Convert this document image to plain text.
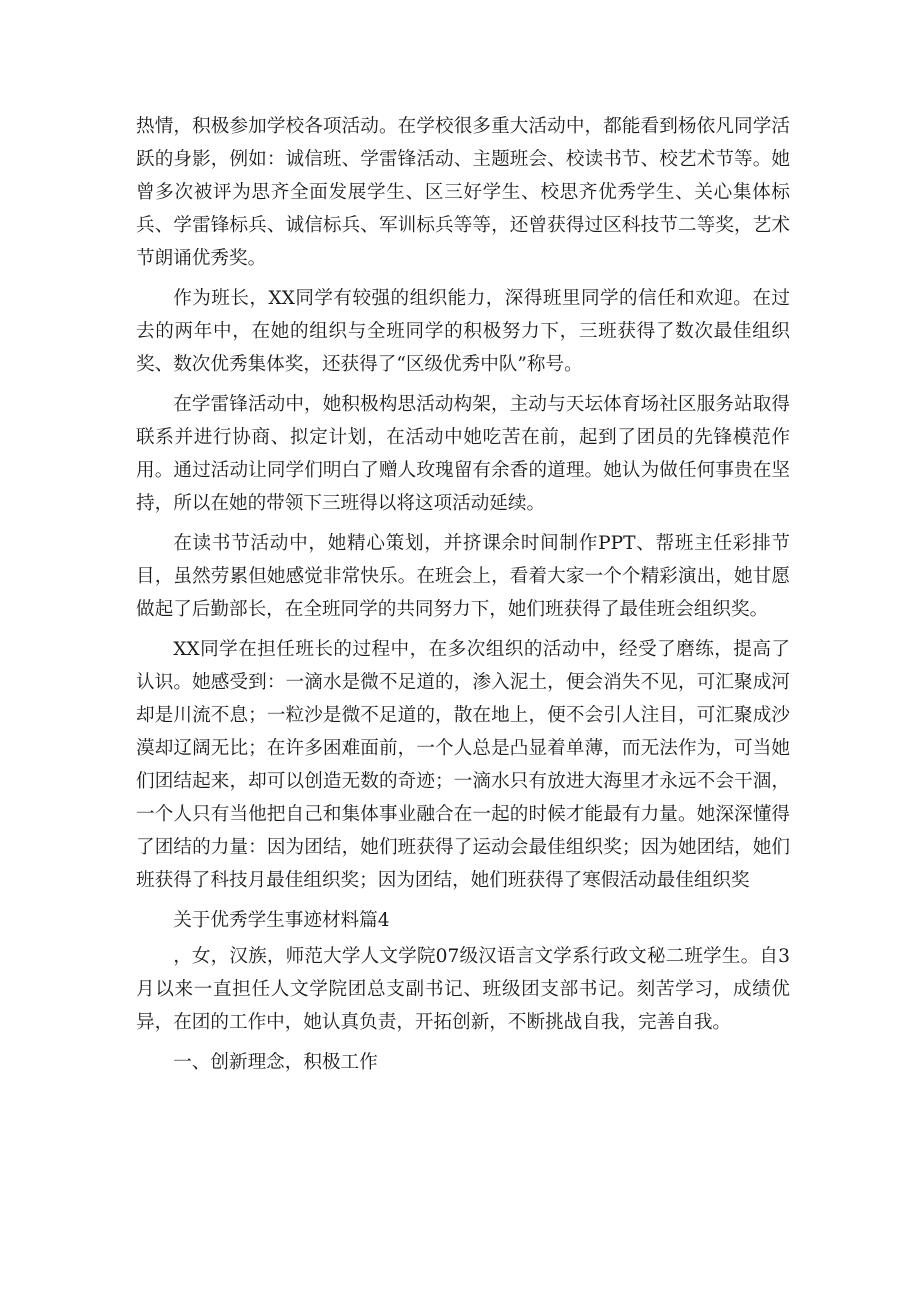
热情，积极参加学校各项活动。在学校很多重大活动中，都能看到杨依凡同学活跃的身影，例如：诚信班、学雷锋活动、主题班会、校读书节、校艺术节等。她曾多次被评为思齐全面发展学生、区三好学生、校思齐优秀学生、关心集体标兵、学雷锋标兵、诚信标兵、军训标兵等等，还曾获得过区科技节二等奖，艺术节朗诵优秀奖。

作为班长，XX同学有较强的组织能力，深得班里同学的信任和欢迎。在过去的两年中，在她的组织与全班同学的积极努力下，三班获得了数次最佳组织奖、数次优秀集体奖，还获得了“区级优秀中队”称号。

在学雷锋活动中，她积极构思活动构架，主动与天坛体育场社区服务站取得联系并进行协商、拟定计划，在活动中她吃苦在前，起到了团员的先锋模范作用。通过活动让同学们明白了赠人玫瑰留有余香的道理。她认为做任何事贵在坚持，所以在她的带领下三班得以将这项活动延续。

在读书节活动中，她精心策划，并挤课余时间制作PPT、帮班主任彩排节目，虽然劳累但她感觉非常快乐。在班会上，看着大家一个个精彩演出，她甘愿做起了后勤部长，在全班同学的共同努力下，她们班获得了最佳班会组织奖。

XX同学在担任班长的过程中，在多次组织的活动中，经受了磨练，提高了认识。她感受到：一滴水是微不足道的，渗入泥土，便会消失不见，可汇聚成河却是川流不息；一粒沙是微不足道的，散在地上，便不会引人注目，可汇聚成沙漠却辽阔无比；在许多困难面前，一个人总是凸显着单薄，而无法作为，可当她们团结起来，却可以创造无数的奇迹；一滴水只有放进大海里才永远不会干涸，一个人只有当他把自己和集体事业融合在一起的时候才能最有力量。她深深懂得了团结的力量：因为团结，她们班获得了运动会最佳组织奖；因为她团结，她们班获得了科技月最佳组织奖；因为团结，她们班获得了寒假活动最佳组织奖

关于优秀学生事迹材料篇4

，女，汉族，师范大学人文学院07级汉语言文学系行政文秘二班学生。自3月以来一直担任人文学院团总支副书记、班级团支部书记。刻苦学习，成绩优异，在团的工作中，她认真负责，开拓创新，不断挑战自我，完善自我。

一、创新理念，积极工作
